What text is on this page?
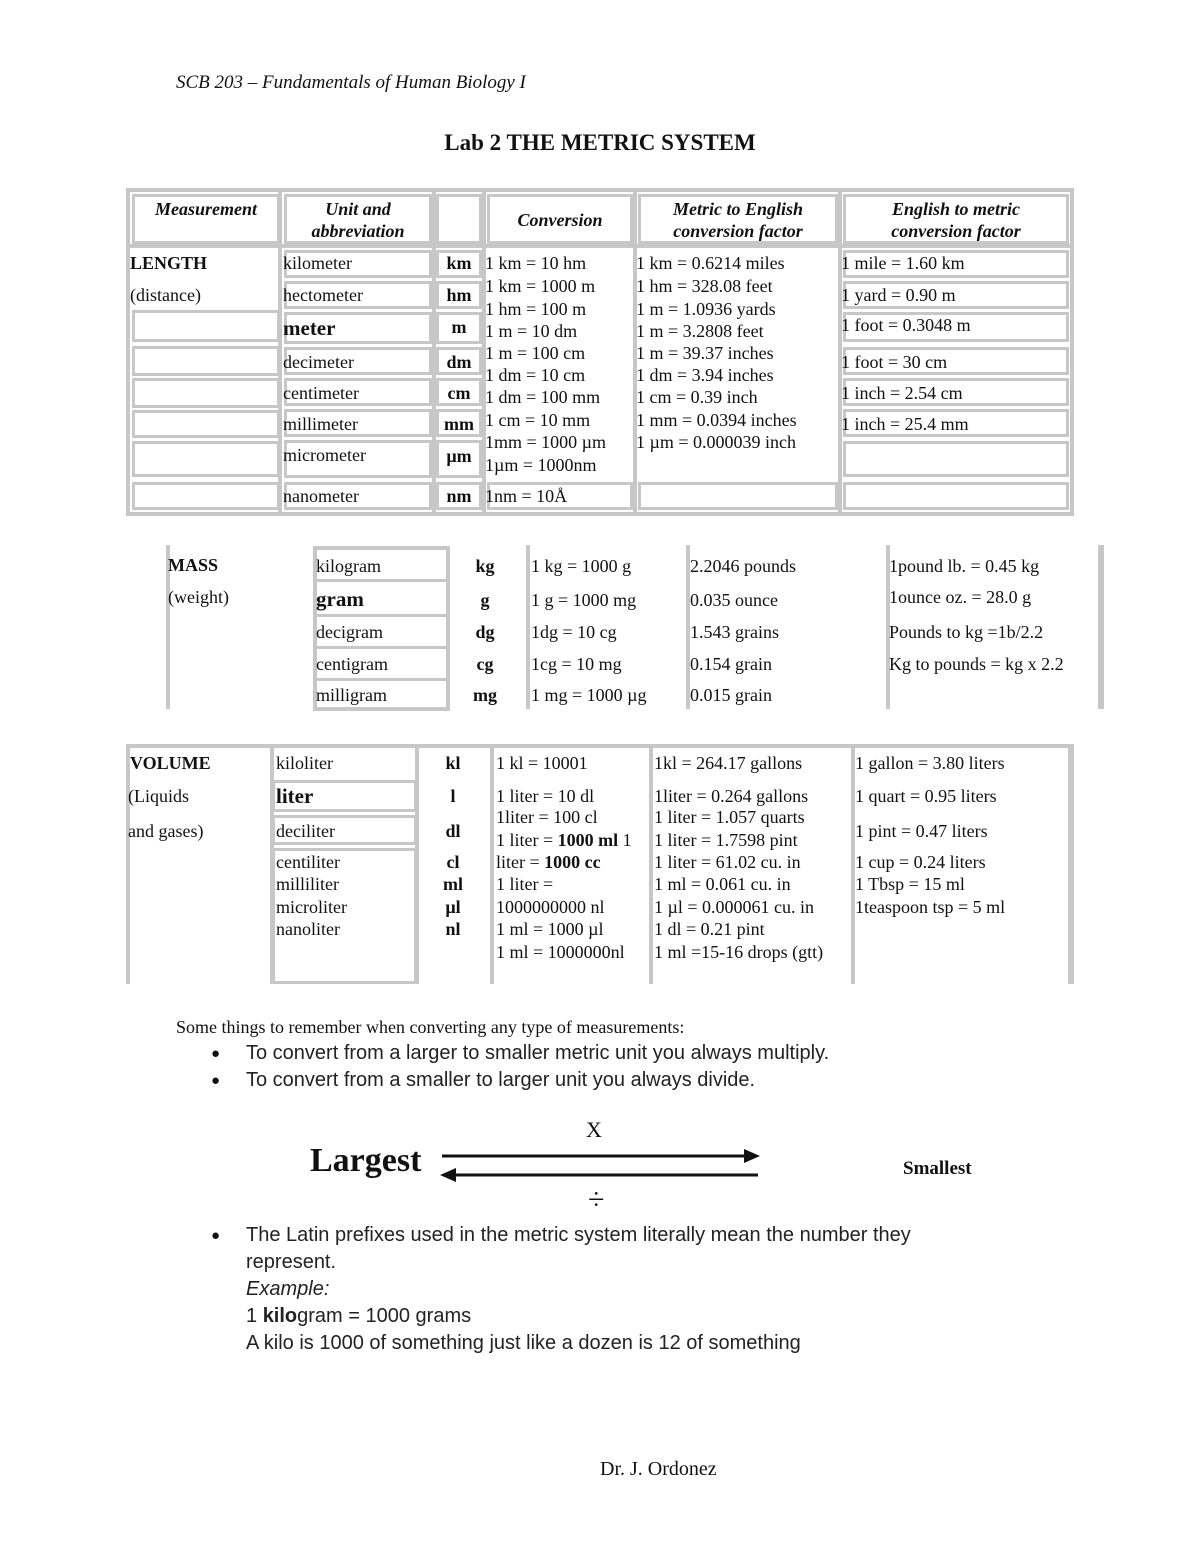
SCB 203 – Fundamentals of Human Biology I
Lab 2 THE METRIC SYSTEM
Measurement	Unit and
abbreviation
Conversion
Metric to English
conversion factor
English to metric
conversion factor
LENGTH
(distance)
kilometer
hectometer
meter
decimeter
centimeter
millimeter
micrometer
nanometer
km
hm
m
dm
cm
mm
µm
nm
1 km = 10 hm
1 km = 1000 m
1 hm = 100 m
1 m = 10 dm
1 m = 100 cm
1 dm = 10 cm
1 dm = 100 mm
1 cm = 10 mm
1mm = 1000 µm
1µm = 1000nm
1nm = 10Å
1 km = 0.6214 miles
1 hm = 328.08 feet
1 m = 1.0936 yards
1 m = 3.2808 feet
1 m = 39.37 inches
1 dm = 3.94 inches
1 cm = 0.39 inch
1 mm = 0.0394 inches
1 µm = 0.000039 inch
1 mile = 1.60 km
1 yard = 0.90 m
1 foot = 0.3048 m
1 foot = 30 cm
1 inch = 2.54 cm
1 inch = 25.4 mm
MASS
(weight)
kilogram
gram
decigram
centigram
milligram
kg
g
dg
cg
mg
1 kg = 1000 g
1 g = 1000 mg
1dg = 10 cg
1cg = 10 mg
1 mg = 1000 µg
2.2046 pounds
0.035 ounce
1.543 grains
0.154 grain
0.015 grain
1pound lb. = 0.45 kg
1ounce oz. = 28.0 g
Pounds to kg =1b/2.2
Kg to pounds = kg x 2.2
VOLUME
(Liquids
and gases)
kiloliter
liter
deciliter
centiliter
milliliter
microliter
nanoliter
kl
l
dl
cl
ml
µl
nl
1 kl = 10001
1 liter = 10 dl
1liter = 100 cl
1 liter = 1000 ml 1
liter = 1000 cc
1 liter =
1000000000 nl
1 ml = 1000 µl
1 ml = 1000000nl
1kl = 264.17 gallons
1liter = 0.264 gallons
1 liter = 1.057 quarts
1 liter = 1.7598 pint
1 liter = 61.02 cu. in
1 ml = 0.061 cu. in
1 µl = 0.000061 cu. in
1 dl = 0.21 pint
1 ml =15-16 drops (gtt)
1 gallon = 3.80 liters
1 quart = 0.95 liters
1 pint = 0.47 liters
1 cup = 0.24 liters
1 Tbsp = 15 ml
1teaspoon tsp = 5 ml
Some things to remember when converting any type of measurements:
● To convert from a larger to smaller metric unit you always multiply.
● To convert from a smaller to larger unit you always divide.
X
Largest	Smallest
÷
● The Latin prefixes used in the metric system literally mean the number they
represent.
Example:
1 kilogram = 1000 grams
A kilo is 1000 of something just like a dozen is 12 of something
Dr. J. Ordonez
